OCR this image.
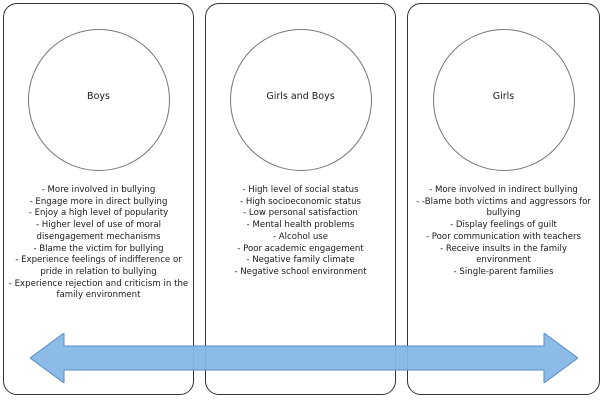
Boys
- More involved in bullying
- Engage more in direct bullying
- Enjoy a high level of popularity
- Higher level of use of moral disengagement mechanisms
- Blame the victim for bullying
- Experience feelings of indifference or pride in relation to bullying
- Experience rejection and criticism in the family environment
Girls and Boys
- High level of social status
- High socioeconomic status
- Low personal satisfaction
- Mental health problems
- Alcohol use
- Poor academic engagement
- Negative family climate
- Negative school environment
Girls
- More involved in indirect bullying
- -Blame both victims and aggressors for bullying
- Display feelings of guilt
- Poor communication with teachers
- Receive insults in the family environment
- Single-parent families
